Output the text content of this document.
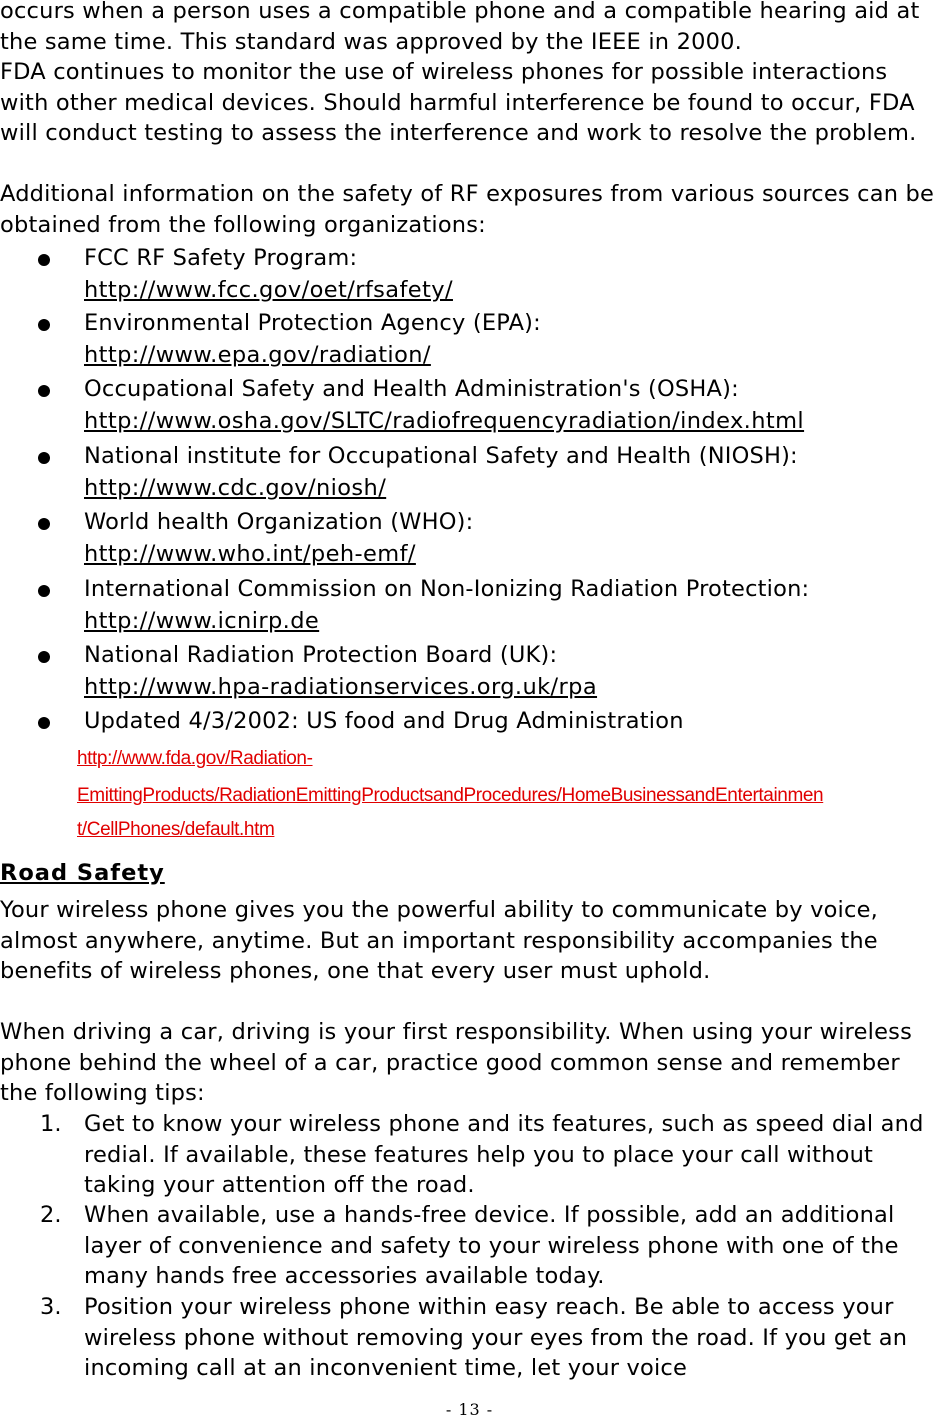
occurs when a person uses a compatible phone and a compatible hearing aid at the same time. This standard was approved by the IEEE in 2000.

FDA continues to monitor the use of wireless phones for possible interactions with other medical devices. Should harmful interference be found to occur, FDA will conduct testing to assess the interference and work to resolve the problem.

Additional information on the safety of RF exposures from various sources can be obtained from the following organizations:

FCC RF Safety Program:
http://www.fcc.gov/oet/rfsafety/
Environmental Protection Agency (EPA):
http://www.epa.gov/radiation/
Occupational Safety and Health Administration's (OSHA):
http://www.osha.gov/SLTC/radiofrequencyradiation/index.html
National institute for Occupational Safety and Health (NIOSH):
http://www.cdc.gov/niosh/
World health Organization (WHO):
http://www.who.int/peh-emf/
International Commission on Non-Ionizing Radiation Protection:
http://www.icnirp.de
National Radiation Protection Board (UK):
http://www.hpa-radiationservices.org.uk/rpa
Updated 4/3/2002: US food and Drug Administration
http://www.fda.gov/Radiation-
EmittingProducts/RadiationEmittingProductsandProcedures/HomeBusinessandEntertainmen
t/CellPhones/default.htm
Road Safety

Your wireless phone gives you the powerful ability to communicate by voice, almost anywhere, anytime. But an important responsibility accompanies the benefits of wireless phones, one that every user must uphold.

When driving a car, driving is your first responsibility. When using your wireless phone behind the wheel of a car, practice good common sense and remember the following tips:

1. Get to know your wireless phone and its features, such as speed dial and redial. If available, these features help you to place your call without taking your attention off the road.
2. When available, use a hands-free device. If possible, add an additional layer of convenience and safety to your wireless phone with one of the many hands free accessories available today.
3. Position your wireless phone within easy reach. Be able to access your wireless phone without removing your eyes from the road. If you get an incoming call at an inconvenient time, let your voice
- 13 -
